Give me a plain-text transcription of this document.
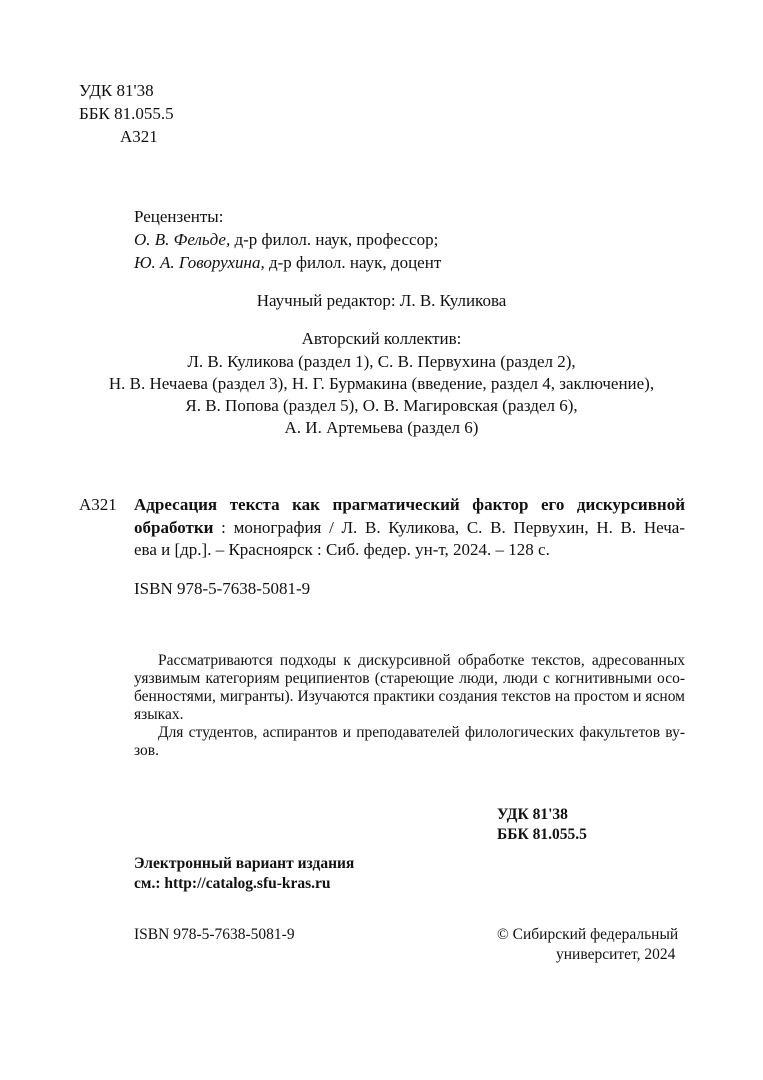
УДК 81'38
ББК 81.055.5
А321
Рецензенты:
О. В. Фельде, д-р филол. наук, профессор;
Ю. А. Говорухина, д-р филол. наук, доцент
Научный редактор: Л. В. Куликова
Авторский коллектив:
Л. В. Куликова (раздел 1), С. В. Первухина (раздел 2),
Н. В. Нечаева (раздел 3), Н. Г. Бурмакина (введение, раздел 4, заключение),
Я. В. Попова (раздел 5), О. В. Магировская (раздел 6),
А. И. Артемьева (раздел 6)
А321 Адресация текста как прагматический фактор его дискурсивной
обработки : монография / Л. В. Куликова, С. В. Первухин, Н. В. Неча-
ева и [др.]. – Красноярск : Сиб. федер. ун-т, 2024. – 128 с.
ISBN 978-5-7638-5081-9
Рассматриваются подходы к дискурсивной обработке текстов, адресованных
уязвимым категориям реципиентов (стареющие люди, люди с когнитивными осо-
бенностями, мигранты). Изучаются практики создания текстов на простом и ясном
языках.
Для студентов, аспирантов и преподавателей филологических факультетов ву-
зов.
УДК 81'38
ББК 81.055.5
Электронный вариант издания
см.: http://catalog.sfu-kras.ru
ISBN 978-5-7638-5081-9	© Сибирский федеральный
университет, 2024
